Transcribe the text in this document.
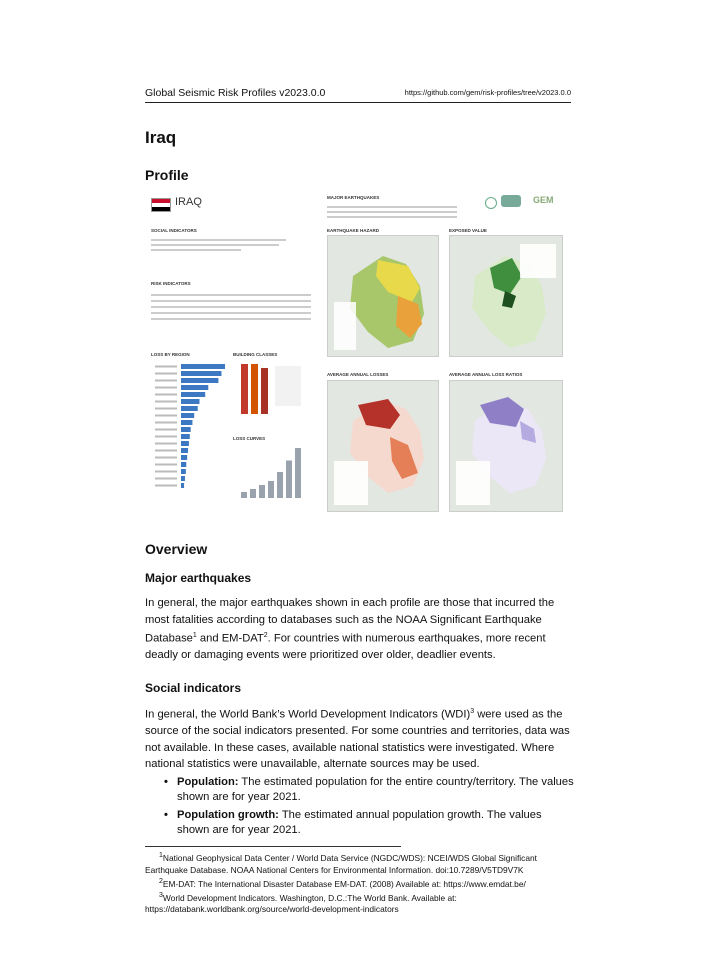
Global Seismic Risk Profiles v2023.0.0	https://github.com/gem/risk-profiles/tree/v2023.0.0
Iraq
Profile
IRAQ
SOCIAL INDICATORS
RISK INDICATORS
LOSS BY REGION	BUILDING CLASSES
LOSS CURVES
MAJOR EARTHQUAKES	GEM
EARTHQUAKE HAZARD	EXPOSED VALUE
AVERAGE ANNUAL LOSSES	AVERAGE ANNUAL LOSS RATIOS
Overview
Major earthquakes

In general, the major earthquakes shown in each profile are those that incurred the most fatalities according to databases such as the NOAA Significant Earthquake Database$^1$ and EM-DAT$^2$. For countries with numerous earthquakes, more recent deadly or damaging events were prioritized over older, deadlier events.

Social indicators

In general, the World Bank’s World Development Indicators (WDI)$^3$ were used as the source of the social indicators presented. For some countries and territories, data was not available. In these cases, available national statistics were investigated. Where national statistics were unavailable, alternate sources may be used.

• Population: The estimated population for the entire country/territory. The values shown are for year 2021.
• Population growth: The estimated annual population growth. The values shown are for year 2021.
$^1$National Geophysical Data Center / World Data Service (NGDC/WDS): NCEI/WDS Global Significant Earthquake Database. NOAA National Centers for Environmental Information. doi:10.7289/V5TD9V7K
$^2$EM-DAT: The International Disaster Database EM-DAT. (2008) Available at: https://www.emdat.be/
$^3$World Development Indicators. Washington, D.C.:The World Bank. Available at: https://databank.worldbank.org/source/world-development-indicators
